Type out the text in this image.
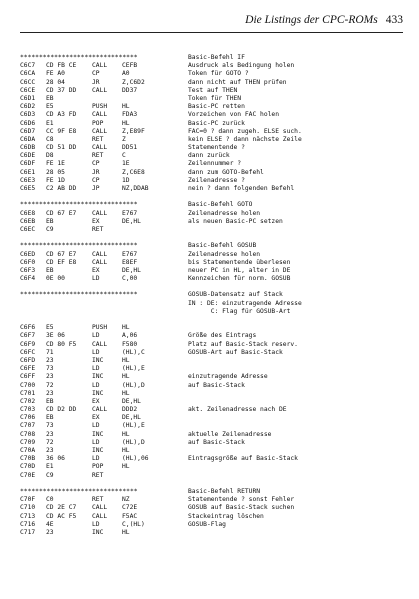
Die Listings der CPC-ROMs 433
*******************************	Basic-Befehl IF
C6C7 CD FB CE CALL CEFB	Ausdruck als Bedingung holen
C6CA FE A0	CP	A0	Token für GOTO ?
C6CC 28 04	JR	Z,C6D2	dann nicht auf THEN prüfen
C6CE CD 37 DD CALL DD37	Test auf THEN
C6D1 EB	Token für THEN
C6D2 E5	PUSH HL	Basic-PC retten
C6D3 CD A3 FD CALL FDA3	Vorzeichen von FAC holen
C6D6 E1	POP	HL	Basic-PC zurück
C6D7 CC 9F E8 CALL Z,E89F	FAC=0 ? dann zugeh. ELSE such.
C6DA C8	RET	Z	kein ELSE ? dann nächste Zeile
C6DB CD 51 DD CALL DD51	Statementende ?
C6DE D8	RET	C	dann zurück
C6DF FE 1E	CP	1E	Zeilennummer ?
C6E1 28 05	JR	Z,C6E8	dann zum GOTO-Befehl
C6E3 FE 1D	CP	1D	Zeilenadresse ?
C6E5 C2 AB DD JP	NZ,DDAB	nein ? dann folgenden Befehl
*******************************	Basic-Befehl GOTO
C6E8 CD 67 E7 CALL E767	Zeilenadresse holen
C6EB EB	EX	DE,HL	als neuen Basic-PC setzen
C6EC C9	RET
*******************************	Basic-Befehl GOSUB
C6ED CD 67 E7 CALL E767	Zeilenadresse holen
C6F0 CD EF E8 CALL E8EF	bis Statementende überlesen
C6F3 EB	EX	DE,HL	neuer PC in HL, alter in DE
C6F4 0E 00	LD	C,00	Kennzeichen für norm. GOSUB
*******************************	GOSUB-Datensatz auf Stack
IN : DE: einzutragende Adresse
C: Flag für GOSUB-Art
C6F6 E5	PUSH HL
C6F7 3E 06	LD	A,06	Größe des Eintrags
C6F9 CD 80 F5 CALL F580	Platz auf Basic-Stack reserv.
C6FC 71	LD	(HL),C	GOSUB-Art auf Basic-Stack
C6FD 23	INC	HL
C6FE 73	LD	(HL),E
C6FF 23	INC	HL	einzutragende Adresse
C700 72	LD	(HL),D	auf Basic-Stack
C701 23	INC	HL
C702 EB	EX	DE,HL
C703 CD D2 DD CALL DDD2	akt. Zeilenadresse nach DE
C706 EB	EX	DE,HL
C707 73	LD	(HL),E
C708 23	INC	HL	aktuelle Zeilenadresse
C709 72	LD	(HL),D	auf Basic-Stack
C70A 23	INC	HL
C70B 36 06	LD	(HL),06	Eintragsgröße auf Basic-Stack
C70D E1	POP	HL
C70E C9	RET
*******************************	Basic-Befehl RETURN
C70F C0	RET	NZ	Statementende ? sonst Fehler
C710 CD 2E C7 CALL C72E	GOSUB auf Basic-Stack suchen
C713 CD AC F5 CALL F5AC	Stackeintrag löschen
C716 4E	LD	C,(HL)	GOSUB-Flag
C717 23	INC	HL
